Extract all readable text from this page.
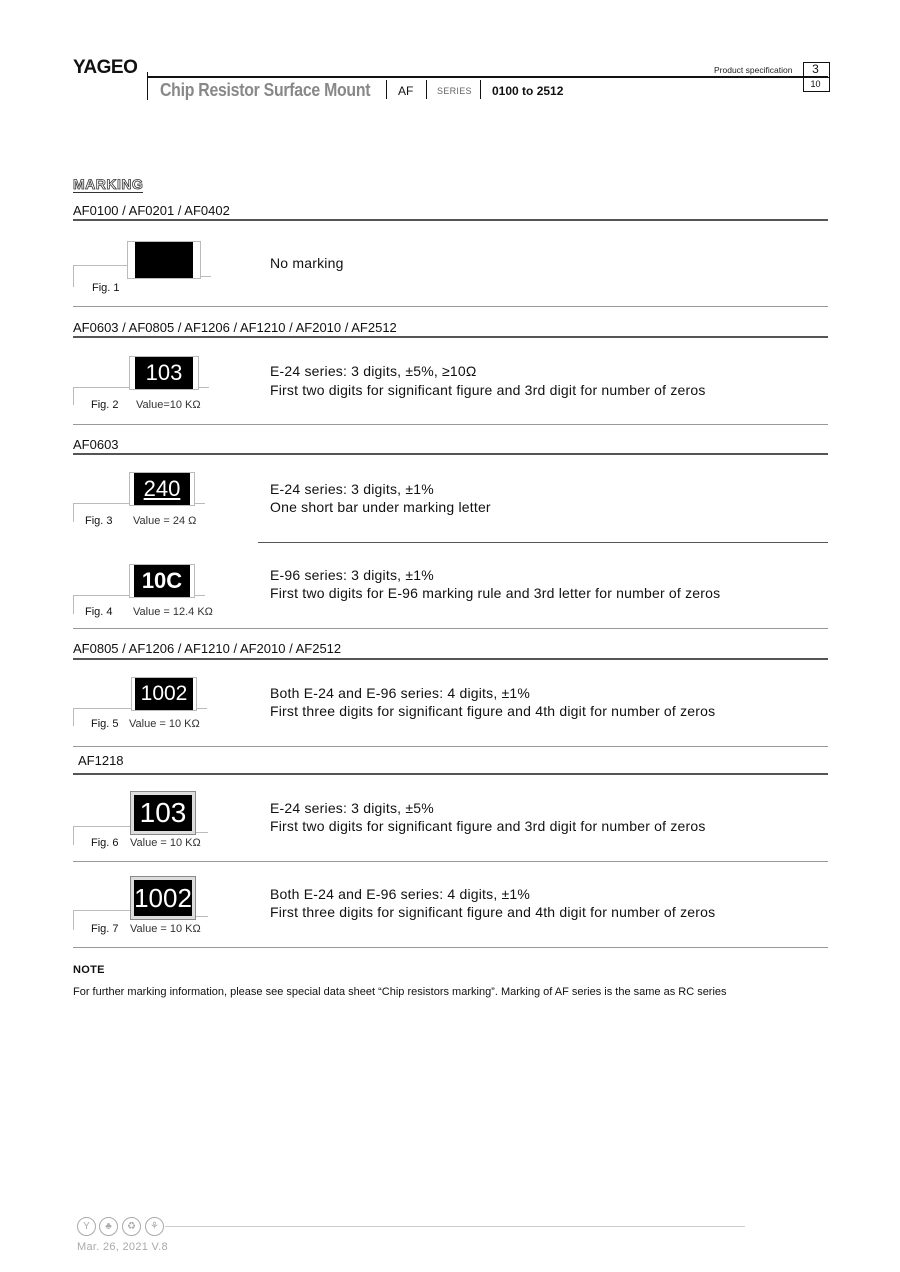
YAGEO
Chip Resistor Surface Mount AF	SERIES 0100 to 2512
Product specification	3
10
MARKING
AF0100 / AF0201 / AF0402
Fig. 1
No marking
AF0603 / AF0805 / AF1206 / AF1210 / AF2010 / AF2512
103
Fig. 2 Value=10 KΩ
E-24 series: 3 digits, ±5%, ≥10Ω
First two digits for significant figure and 3rd digit for number of zeros
AF0603
240
Fig. 3 Value = 24 Ω
E-24 series: 3 digits, ±1%
One short bar under marking letter
10C
Fig. 4 Value = 12.4 KΩ
E-96 series: 3 digits, ±1%
First two digits for E-96 marking rule and 3rd letter for number of zeros
AF0805 / AF1206 / AF1210 / AF2010 / AF2512
1002
Fig. 5 Value = 10 KΩ
Both E-24 and E-96 series: 4 digits, ±1%
First three digits for significant figure and 4th digit for number of zeros
AF1218
103
Fig. 6 Value = 10 KΩ
E-24 series: 3 digits, ±5%
First two digits for significant figure and 3rd digit for number of zeros
1002
Fig. 7 Value = 10 KΩ
Both E-24 and E-96 series: 4 digits, ±1%
First three digits for significant figure and 4th digit for number of zeros
NOTE
For further marking information, please see special data sheet “Chip resistors marking”. Marking of AF series is the same as RC series
Y	♣	♻	⚘
Mar. 26, 2021 V.8
